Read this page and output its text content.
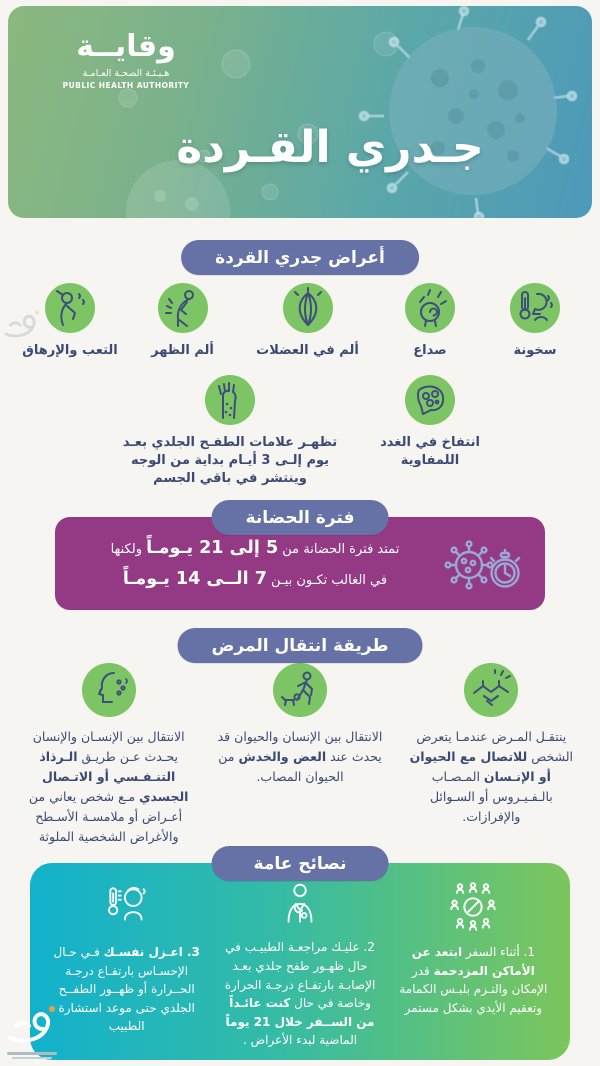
وقايــة
هـيـئـة الصحـة العـامـة
PUBLIC HEALTH AUTHORITY
جـدري القـردة
أعراض جدري القردة
سخونة
صداع
ألم في العضلات
ألم الظهر
التعب والإرهاق
انتفاخ في الغدد اللمفاوية
تظهـر علامات الطفـح الجلدي بعـد يوم إلـى 3 أيـام بداية من الوجه وينتشر في باقي الجسم
فترة الحضانة
تمتد فترة الحضانة من 5 إلى 21 يـومـاً ولكنها
في الغالب تكـون بيـن 7 الــى 14 يـومـاً
طريقة انتقال المرض
ينتقـل المـرض عندمـا يتعرض الشخص للاتصال مع الحيوان أو الإنـسان المـصـاب بالـفـيـروس أو السـوائل والإفرازات.
الانتقال بين الإنسان والحيوان قد يحدث عند العض والخدش من الحيوان المصاب.
الانتقال بين الإنسـان والإنسان يحـدث عـن طريـق الـرذاذ التنـفـسي أو الاتـصال الجسدي مـع شخص يعاني من أعـراض أو ملامسـة الأسـطح والأغراض الشخصية الملوثة
نصائح عامة
1. أثناء السفر ابتعد عن الأماكن المزدحمة قدر الإمكان والتـزم بلبـس الكمامة وتعقيم الأيدي بشكل مستمر
2. عليـك مراجعـة الطبيـب في حال ظهـور طفح جلدي بعـد الإصابـة بارتفـاع درجـة الحرارة وخاصة في حال كنت عائـداً من الســفر خلال 21 يوماً الماضية لبدء الأعراض .
3. اعـزل نفسـك فـي حـال الإحسـاس بارتفـاع درجـة الحــرارة أو ظهــور الطفــح الجلدي حتى موعد استشارة الطبيب
